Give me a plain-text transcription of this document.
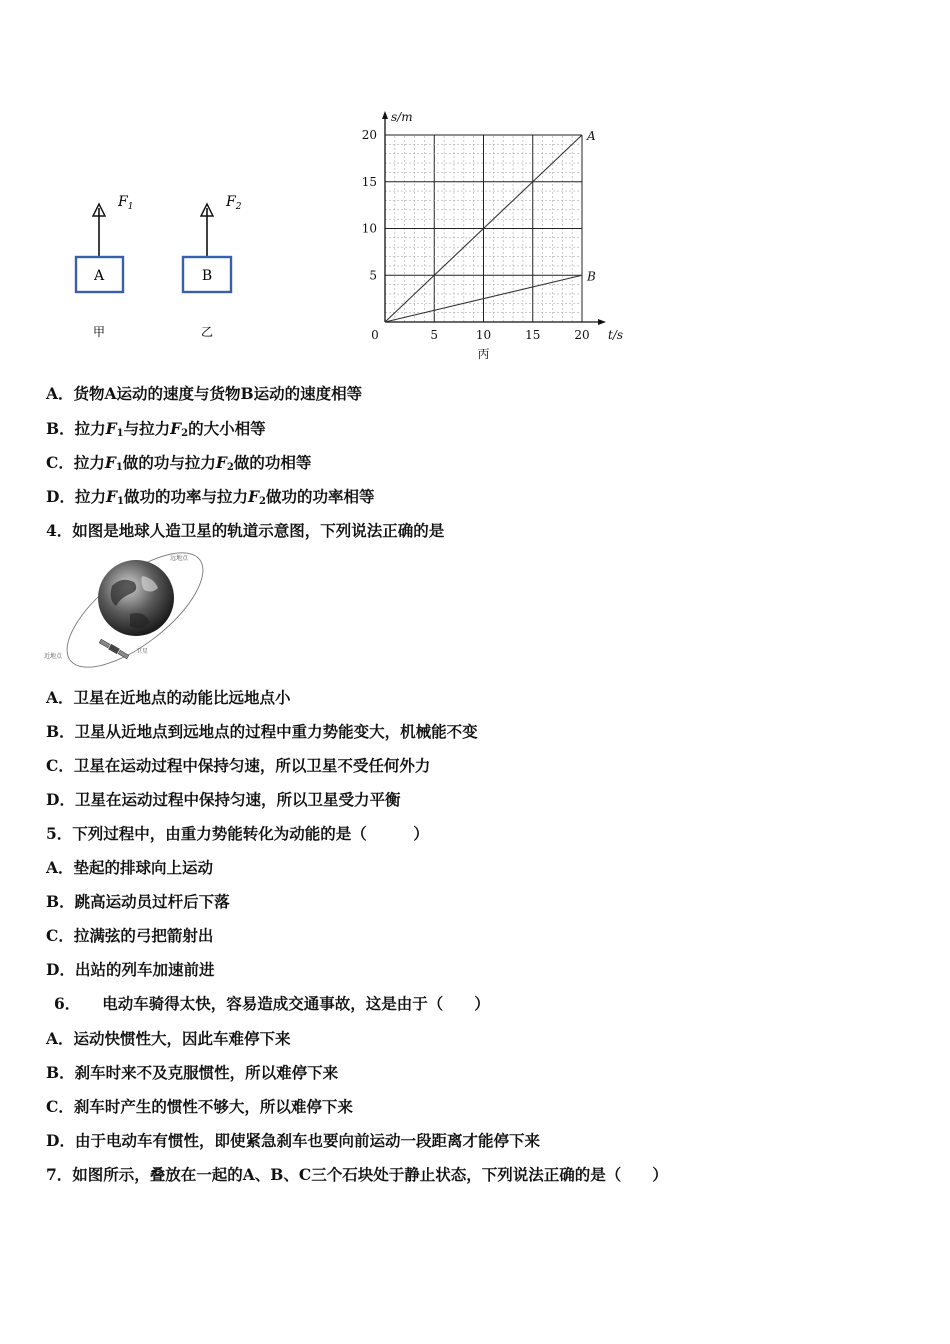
$F_1$
A
甲
$F_2$
B
乙	0	5	10	15	20
5
10
15
20
t/s
s/m
丙
A
B
A．货物A运动的速度与货物B运动的速度相等
B．拉力$F_1$与拉力$F_2$的大小相等
C．拉力$F_1$做的功与拉力$F_2$做的功相等
D．拉力$F_1$做功的功率与拉力$F_2$做功的功率相等
4．如图是地球人造卫星的轨道示意图，下列说法正确的是
远地点
近地点
卫星
A．卫星在近地点的动能比远地点小
B．卫星从近地点到远地点的过程中重力势能变大，机械能不变
C．卫星在运动过程中保持匀速，所以卫星不受任何外力
D．卫星在运动过程中保持匀速，所以卫星受力平衡
5．下列过程中，由重力势能转化为动能的是（　　　）
A．垫起的排球向上运动
B．跳高运动员过杆后下落
C．拉满弦的弓把箭射出
D．出站的列车加速前进
6． 电动车骑得太快，容易造成交通事故，这是由于（　　）
A．运动快惯性大，因此车难停下来
B．刹车时来不及克服惯性，所以难停下来
C．刹车时产生的惯性不够大，所以难停下来
D．由于电动车有惯性，即使紧急刹车也要向前运动一段距离才能停下来
7．如图所示，叠放在一起的A、B、C三个石块处于静止状态，下列说法正确的是（　　）
